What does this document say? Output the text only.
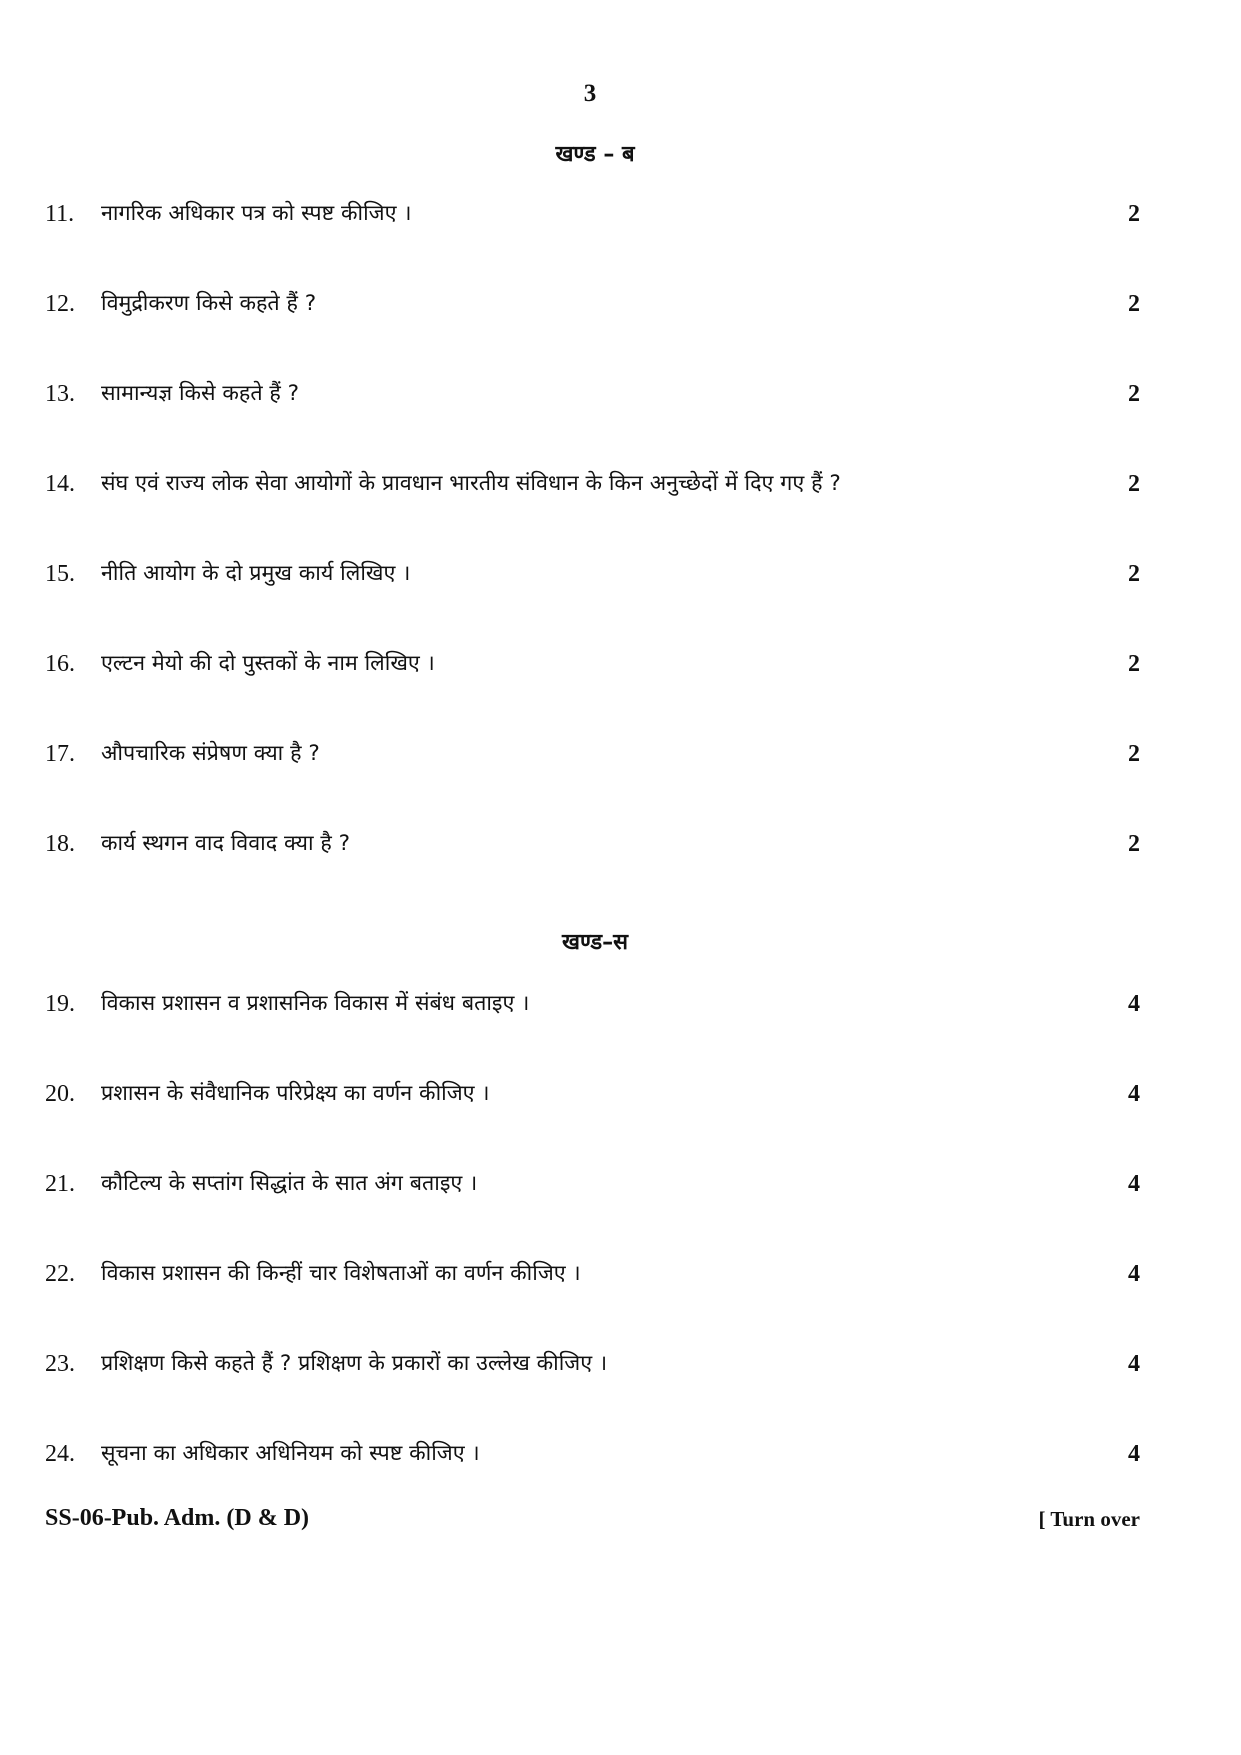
3
खण्ड – ब
11. नागरिक अधिकार पत्र को स्पष्ट कीजिए ।	2
12. विमुद्रीकरण किसे कहते हैं ?	2
13. सामान्यज्ञ किसे कहते हैं ?	2
14. संघ एवं राज्य लोक सेवा आयोगों के प्रावधान भारतीय संविधान के किन अनुच्छेदों में दिए गए हैं ?	2
15. नीति आयोग के दो प्रमुख कार्य लिखिए ।	2
16. एल्टन मेयो की दो पुस्तकों के नाम लिखिए ।	2
17. औपचारिक संप्रेषण क्या है ?	2
18. कार्य स्थगन वाद विवाद क्या है ?	2
खण्ड–स
19. विकास प्रशासन व प्रशासनिक विकास में संबंध बताइए ।	4
20. प्रशासन के संवैधानिक परिप्रेक्ष्य का वर्णन कीजिए ।	4
21. कौटिल्य के सप्तांग सिद्धांत के सात अंग बताइए ।	4
22. विकास प्रशासन की किन्हीं चार विशेषताओं का वर्णन कीजिए ।	4
23. प्रशिक्षण किसे कहते हैं ? प्रशिक्षण के प्रकारों का उल्लेख कीजिए ।	4
24. सूचना का अधिकार अधिनियम को स्पष्ट कीजिए ।	4
SS-06-Pub. Adm. (D & D)	[ Turn over
